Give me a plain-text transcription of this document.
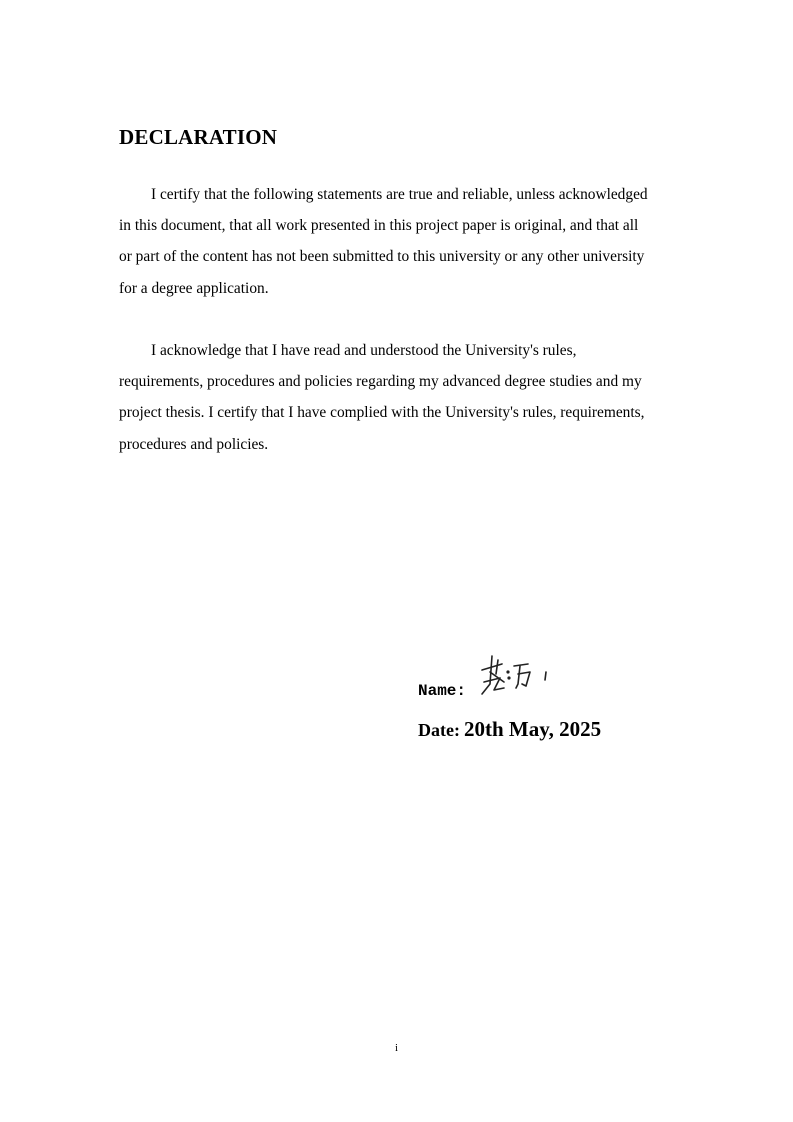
DECLARATION

I certify that the following statements are true and reliable, unless acknowledged
in this document, that all work presented in this project paper is original, and that all
or part of the content has not been submitted to this university or any other university
for a degree application.

I acknowledge that I have read and understood the University's rules,
requirements, procedures and policies regarding my advanced degree studies and my
project thesis. I certify that I have complied with the University's rules, requirements,
procedures and policies.

Name:
Date: 20th May, 2025
i
